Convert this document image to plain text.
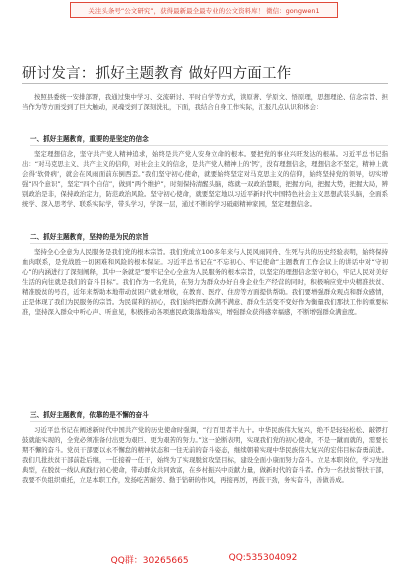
关注头条号“公文研究”，获得最新最全最专业的公文资料库！ 微信：gongwen1
研讨发言：抓好主题教育 做好四方面工作
按照县委统一安排部署，我通过集中学习、交流研讨、平时自学等方式，读原著、学原文、悟原理，思想理论、信念宗旨、担当作为等方面受到了巨大触动，灵魂受到了深刻洗礼，下面，我结合自身工作实际，汇报几点认识和体会：
一、抓好主题教育，重要的是坚定的信念
坚定理想信念，坚守共产党人精神追求，始终是共产党人安身立命的根本。要把党的事业兴旺发达的根基。习近平总书记指出：“对马克思主义、共产主义的信仰，对社会主义的信念，是共产党人精神上的‘钙’，没有理想信念，理想信念不坚定，精神上就会得‘软骨病’，就会在风雨面前东倒西歪。”我们坚守初心使命，就要始终坚定对马克思主义的信仰，始终坚持党的领导，切实增强“四个意识”，坚定“四个自信”，做到“两个维护”，时刻保持清醒头脑，练就一双政治慧眼，把握方向，把握大势，把握大局，辨别政治是非，保持政治定力，防范政治风险。坚守初心使命，就要坚定地以习近平新时代中国特色社会主义思想武装头脑，全面系统学、深入思考学、联系实际学，带头学习，学深一层，通过不断的学习砥砺精神家园，坚定理想信念。
二、抓好主题教育，坚持的是为民的宗旨
坚持全心全意为人民服务是我们党的根本宗旨。我们党成立100多年来与人民风雨同舟、生死与共的历史经验表明，始终保持血肉联系，是党战胜一切困难和风险的根本保证。习近平总书记在“不忘初心、牢记使命”主题教育工作会议上的讲话中对“守初心”的内涵进行了深刻阐释，其中一条就是“要牢记全心全意为人民服务的根本宗旨，以坚定的理想信念坚守初心，牢记人民对美好生活的向往就是我们的奋斗目标”。我们作为一名党员，在努力为群众办好自身企业生产经营的同时，积极响应党中央精准扶贫、精准脱贫的号召，近年来帮助本地带动贫困户就业增收，在教育、医疗、住房等方面提供帮助。我们要增强群众观点和群众感情，正是体现了我们为民服务的宗旨。为民谋利的初心，我们始终把群众满不满意、群众生活变不变好作为衡量我们那扶工作的重要标准，坚持深入群众中听心声、听意见，积极推动各项惠民政策落地落实，增强群众获得感幸福感，不断增强群众满意度。
三、抓好主题教育，依靠的是不懈的奋斗
习近平总书记在阐述新时代中国共产党的历史使命时强调，“行百里者半九十。中华民族伟大复兴，绝不是轻轻松松、敲锣打鼓就能实现的，全党必须准备付出更为艰巨、更为艰苦的努力。”这一论断表明，实现我们党的初心使命，不是一蹴而就的，需要长期不懈的奋斗。党员干部要以永不懈怠的精神状态和一往无前的奋斗姿态，继续朝着实现中华民族伟大复兴的宏伟目标奋勇前进。我们几批扶贫干部前赴后继，一任接着一任干，始终为了实现脱贫攻坚目标，建设全面小康而努力奋斗。立足本职岗位，学习先进典型，在脱贫一线认真践行初心使命，带动群众共同致富，在乡村振兴中贡献力量，做新时代的奋斗者。作为一名扶贫帮扶干部，我要不负组织重托，立足本职工作，发扬吃苦耐劳、勤于钻研的作风，再接再厉，再鼓干劲，务实奋斗，善做善成。
QQ群：30265665	QQ:535304092
